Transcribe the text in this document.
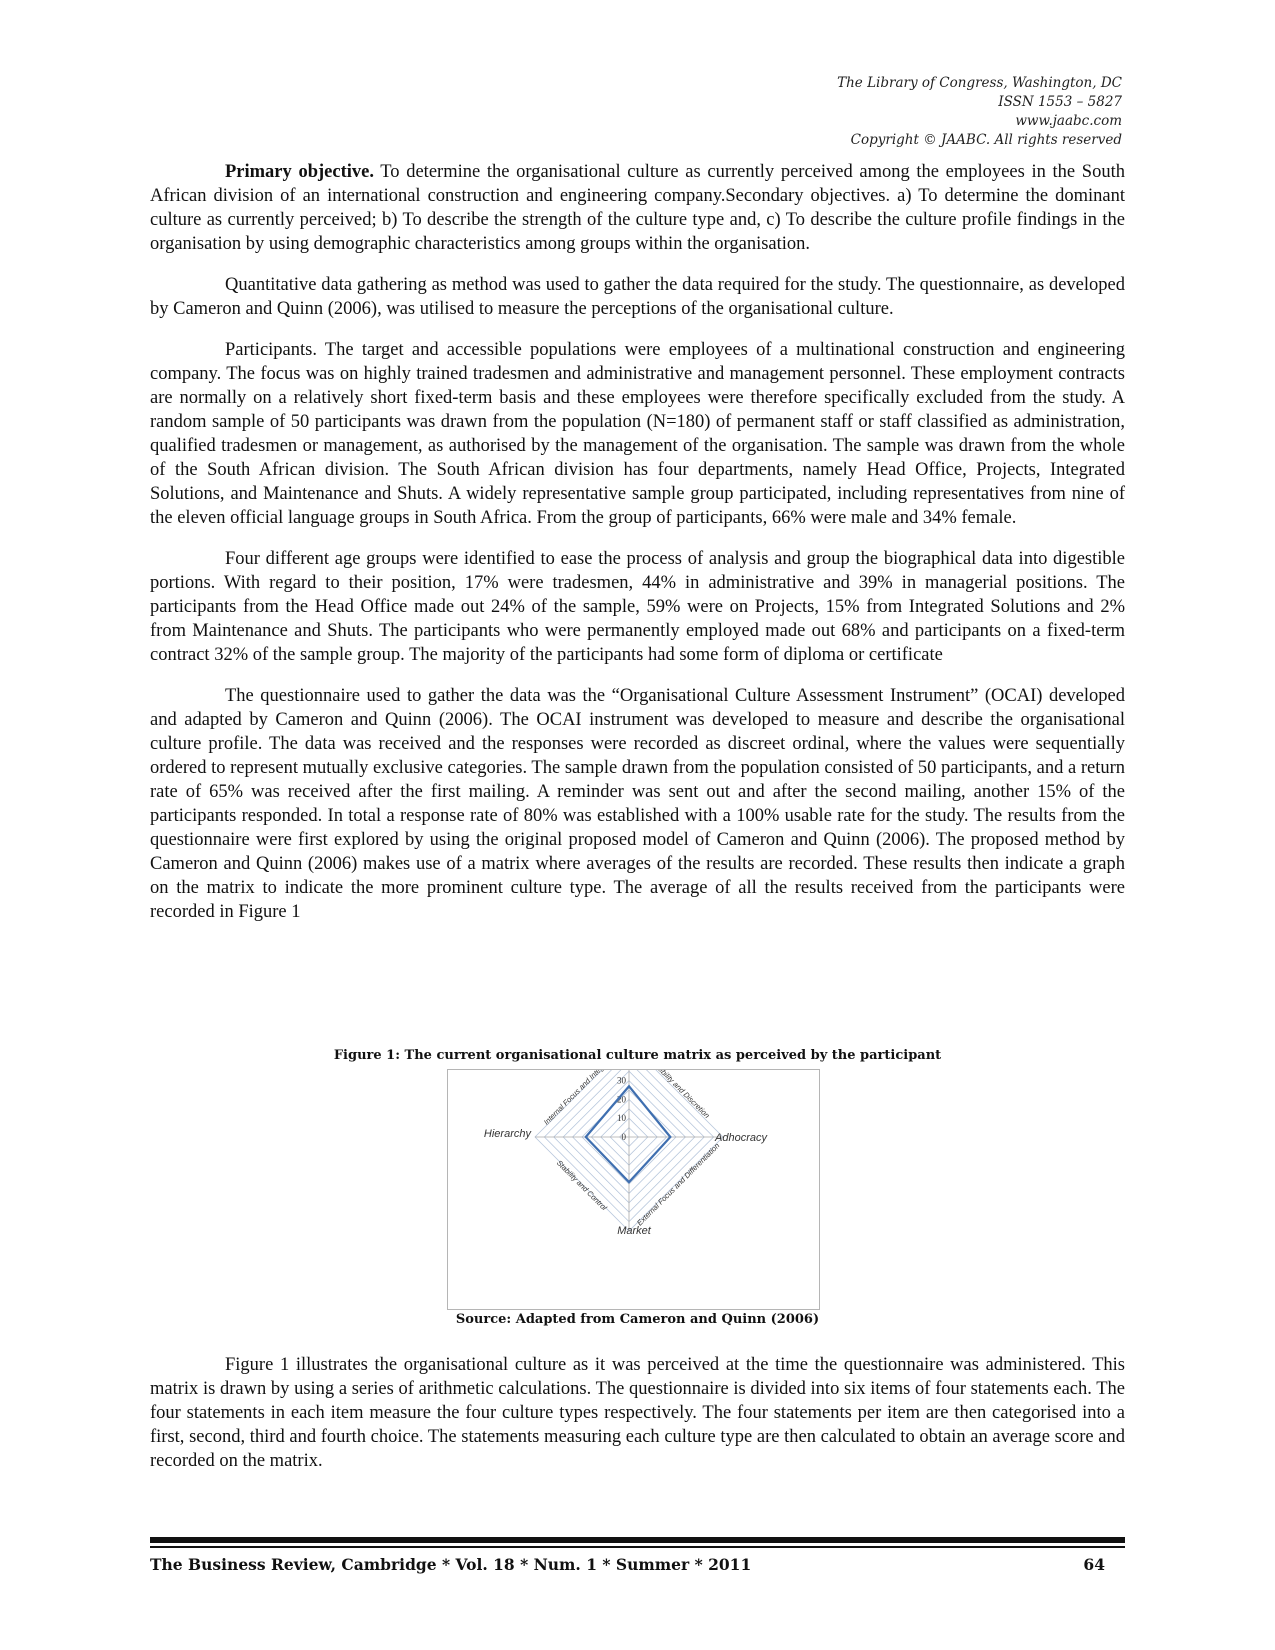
The Library of Congress, Washington, DC
ISSN 1553 – 5827
www.jaabc.com
Copyright © JAABC. All rights reserved

Primary objective. To determine the organisational culture as currently perceived among the employees in the South African division of an international construction and engineering company.Secondary objectives. a) To determine the dominant culture as currently perceived; b) To describe the strength of the culture type and, c) To describe the culture profile findings in the organisation by using demographic characteristics among groups within the organisation.

Quantitative data gathering as method was used to gather the data required for the study. The questionnaire, as developed by Cameron and Quinn (2006), was utilised to measure the perceptions of the organisational culture.

Participants. The target and accessible populations were employees of a multinational construction and engineering company. The focus was on highly trained tradesmen and administrative and management personnel. These employment contracts are normally on a relatively short fixed-term basis and these employees were therefore specifically excluded from the study. A random sample of 50 participants was drawn from the population (N=180) of permanent staff or staff classified as administration, qualified tradesmen or management, as authorised by the management of the organisation. The sample was drawn from the whole of the South African division. The South African division has four departments, namely Head Office, Projects, Integrated Solutions, and Maintenance and Shuts. A widely representative sample group participated, including representatives from nine of the eleven official language groups in South Africa. From the group of participants, 66% were male and 34% female.

Four different age groups were identified to ease the process of analysis and group the biographical data into digestible portions. With regard to their position, 17% were tradesmen, 44% in administrative and 39% in managerial positions. The participants from the Head Office made out 24% of the sample, 59% were on Projects, 15% from Integrated Solutions and 2% from Maintenance and Shuts. The participants who were permanently employed made out 68% and participants on a fixed-term contract 32% of the sample group. The majority of the participants had some form of diploma or certificate

The questionnaire used to gather the data was the “Organisational Culture Assessment Instrument” (OCAI) developed and adapted by Cameron and Quinn (2006). The OCAI instrument was developed to measure and describe the organisational culture profile. The data was received and the responses were recorded as discreet ordinal, where the values were sequentially ordered to represent mutually exclusive categories. The sample drawn from the population consisted of 50 participants, and a return rate of 65% was received after the first mailing. A reminder was sent out and after the second mailing, another 15% of the participants responded. In total a response rate of 80% was established with a 100% usable rate for the study. The results from the questionnaire were first explored by using the original proposed model of Cameron and Quinn (2006). The proposed method by Cameron and Quinn (2006) makes use of a matrix where averages of the results are recorded. These results then indicate a graph on the matrix to indicate the more prominent culture type. The average of all the results received from the participants were recorded in Figure 1

Figure 1: The current organisational culture matrix as perceived by the participant
0
10
20
30
Adhocracy
Market
Hierarchy
Internal Focus and Integration	Flexibility and Discretion
External Focus and Differentiation
Stability and Control
Source: Adapted from Cameron and Quinn (2006)

Figure 1 illustrates the organisational culture as it was perceived at the time the questionnaire was administered. This matrix is drawn by using a series of arithmetic calculations. The questionnaire is divided into six items of four statements each. The four statements in each item measure the four culture types respectively. The four statements per item are then categorised into a first, second, third and fourth choice. The statements measuring each culture type are then calculated to obtain an average score and recorded on the matrix.

The Business Review, Cambridge * Vol. 18 * Num. 1 * Summer * 2011	64
